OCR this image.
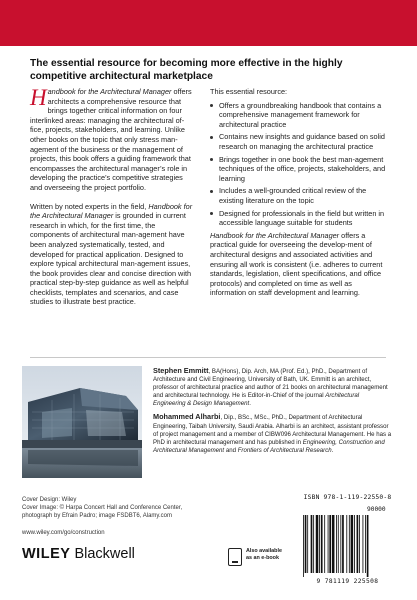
The essential resource for becoming more effective in the highly competitive architectural marketplace

Handbook for the Architectural Manager offers architects a comprehensive resource that brings together critical information on four interlinked areas: managing the architectural of-fice, projects, stakeholders, and learning. Unlike other books on the topic that only stress man-agement of the business or the management of projects, this book offers a guiding framework that encompasses the architectural manager’s role in developing the practice’s competitive strategies and overseeing the project portfolio.

Written by noted experts in the field, Handbook for the Architectural Manager is grounded in current research in which, for the first time, the components of architectural man-agement have been analyzed systematically, tested, and developed for practical application. Designed to explore typical architectural man-agement issues, the book provides clear and concise direction with practical step-by-step guidance as well as helpful checklists, templates and scenarios, and case studies to illustrate best practice.

This essential resource:
Offers a groundbreaking handbook that contains a comprehensive management framework for architectural practice
Contains new insights and guidance based on solid research on managing the architectural practice
Brings together in one book the best man-agement techniques of the office, projects, stakeholders, and learning
Includes a well-grounded critical review of the existing literature on the topic
Designed for professionals in the field but written in accessible language suitable for students

Handbook for the Architectural Manager offers a practical guide for overseeing the develop-ment of architectural designs and associated activities and ensuring all work is consistent (i.e. adheres to current standards, legislation, client specifications, and office protocols) and completed on time as well as information on staff development and learning.

Stephen Emmitt, BA(Hons), Dip. Arch, MA (Prof. Ed.), PhD., Department of Architecture and Civil Engineering, University of Bath, UK. Emmitt is an architect, professor of architectural practice and author of 21 books on architectural management and architectural technology. He is Editor-in-Chief of the journal Architectural Engineering & Design Management.

Mohammed Alharbi, Dip., BSc., MSc., PhD., Department of Architectural Engineering, Taibah University, Saudi Arabia. Alharbi is an architect, assistant professor of project management and a member of CIBW096 Architectural Management. He has a PhD in architectural management and has published in Engineering, Construction and Architectural Management and Frontiers of Architectural Research.

Cover Design: Wiley
Cover Image: © Harpa Concert Hall and Conference Center, photograph by Efrain Padro; image FSDBT6, Alamy.com
www.wiley.com/go/construction
WILEY Blackwell	Also available
as an e-book
ISBN 978-1-119-22550-8
90000
9 781119 225508
